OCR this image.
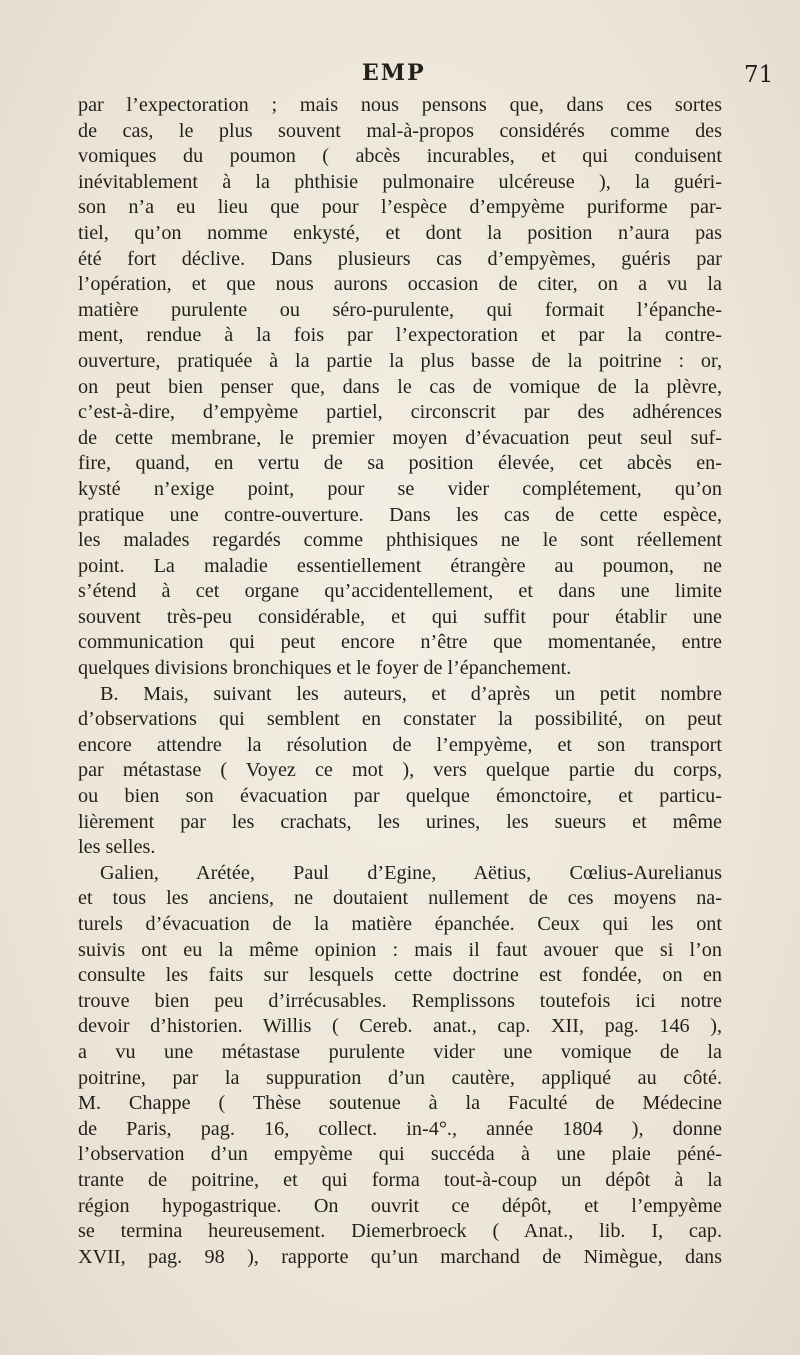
EMP	71
par l’expectoration ; mais nous pensons que, dans ces sortes
de cas, le plus souvent mal-à-propos considérés comme des
vomiques du poumon ( abcès incurables, et qui conduisent
inévitablement à la phthisie pulmonaire ulcéreuse ), la guéri-
son n’a eu lieu que pour l’espèce d’empyème puriforme par-
tiel, qu’on nomme enkysté, et dont la position n’aura pas
été fort déclive. Dans plusieurs cas d’empyèmes, guéris par
l’opération, et que nous aurons occasion de citer, on a vu la
matière purulente ou séro-purulente, qui formait l’épanche-
ment, rendue à la fois par l’expectoration et par la contre-
ouverture, pratiquée à la partie la plus basse de la poitrine : or,
on peut bien penser que, dans le cas de vomique de la plèvre,
c’est-à-dire, d’empyème partiel, circonscrit par des adhérences
de cette membrane, le premier moyen d’évacuation peut seul suf-
fire, quand, en vertu de sa position élevée, cet abcès en-
kysté n’exige point, pour se vider complétement, qu’on
pratique une contre-ouverture. Dans les cas de cette espèce,
les malades regardés comme phthisiques ne le sont réellement
point. La maladie essentiellement étrangère au poumon, ne
s’étend à cet organe qu’accidentellement, et dans une limite
souvent très-peu considérable, et qui suffit pour établir une
communication qui peut encore n’être que momentanée, entre
quelques divisions bronchiques et le foyer de l’épanchement.
B. Mais, suivant les auteurs, et d’après un petit nombre
d’observations qui semblent en constater la possibilité, on peut
encore attendre la résolution de l’empyème, et son transport
par métastase ( Voyez ce mot ), vers quelque partie du corps,
ou bien son évacuation par quelque émonctoire, et particu-
lièrement par les crachats, les urines, les sueurs et même
les selles.
Galien, Arétée, Paul d’Egine, Aëtius, Cœlius-Aurelianus
et tous les anciens, ne doutaient nullement de ces moyens na-
turels d’évacuation de la matière épanchée. Ceux qui les ont
suivis ont eu la même opinion : mais il faut avouer que si l’on
consulte les faits sur lesquels cette doctrine est fondée, on en
trouve bien peu d’irrécusables. Remplissons toutefois ici notre
devoir d’historien. Willis ( Cereb. anat., cap. XII, pag. 146 ),
a vu une métastase purulente vider une vomique de la
poitrine, par la suppuration d’un cautère, appliqué au côté.
M. Chappe ( Thèse soutenue à la Faculté de Médecine
de Paris, pag. 16, collect. in-4°., année 1804 ), donne
l’observation d’un empyème qui succéda à une plaie péné-
trante de poitrine, et qui forma tout-à-coup un dépôt à la
région hypogastrique. On ouvrit ce dépôt, et l’empyème
se termina heureusement. Diemerbroeck ( Anat., lib. I, cap.
XVII, pag. 98 ), rapporte qu’un marchand de Nimègue, dans
